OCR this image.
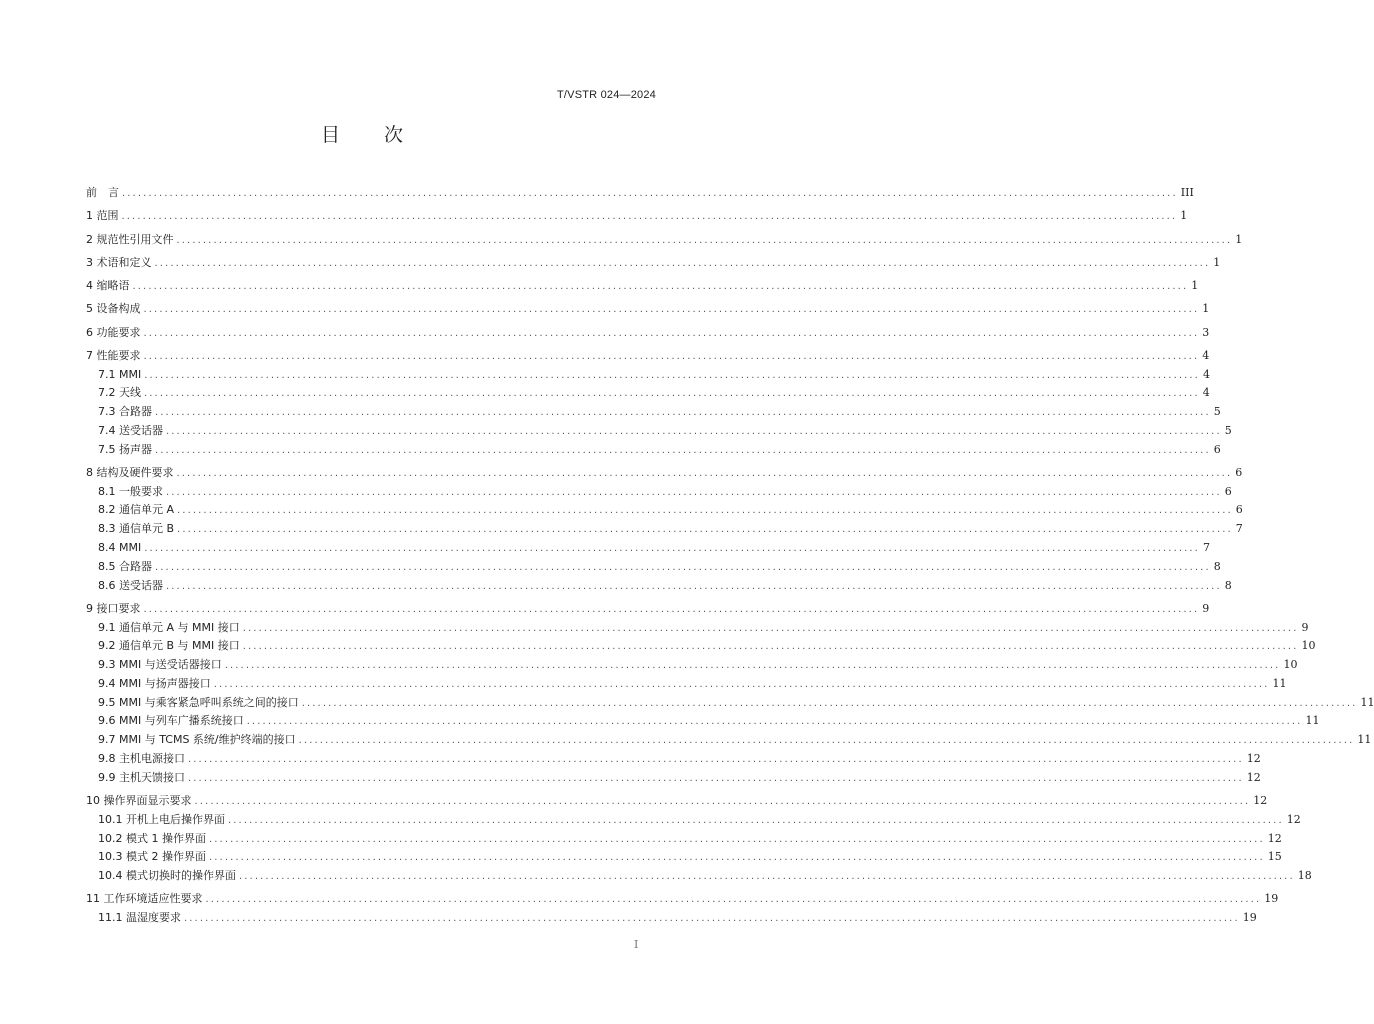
T/VSTR 024—2024
目 次
前　言 ........................................................................................................................................................................................................ III
1 范围 ........................................................................................................................................................................................................ 1
2 规范性引用文件 ........................................................................................................................................................................................................ 1
3 术语和定义 ........................................................................................................................................................................................................ 1
4 缩略语 ........................................................................................................................................................................................................ 1
5 设备构成 ........................................................................................................................................................................................................ 1
6 功能要求 ........................................................................................................................................................................................................ 3
7 性能要求 ........................................................................................................................................................................................................ 4
7.1 MMI ........................................................................................................................................................................................................ 4
7.2 天线 ........................................................................................................................................................................................................ 4
7.3 合路器 ........................................................................................................................................................................................................ 5
7.4 送受话器 ........................................................................................................................................................................................................ 5
7.5 扬声器 ........................................................................................................................................................................................................ 6
8 结构及硬件要求 ........................................................................................................................................................................................................ 6
8.1 一般要求 ........................................................................................................................................................................................................ 6
8.2 通信单元 A ........................................................................................................................................................................................................ 6
8.3 通信单元 B ........................................................................................................................................................................................................ 7
8.4 MMI ........................................................................................................................................................................................................ 7
8.5 合路器 ........................................................................................................................................................................................................ 8
8.6 送受话器 ........................................................................................................................................................................................................ 8
9 接口要求 ........................................................................................................................................................................................................ 9
9.1 通信单元 A 与 MMI 接口 ........................................................................................................................................................................................................ 9
9.2 通信单元 B 与 MMI 接口 ........................................................................................................................................................................................................ 10
9.3 MMI 与送受话器接口 ........................................................................................................................................................................................................ 10
9.4 MMI 与扬声器接口 ........................................................................................................................................................................................................ 11
9.5 MMI 与乘客紧急呼叫系统之间的接口 ........................................................................................................................................................................................................ 11
9.6 MMI 与列车广播系统接口 ........................................................................................................................................................................................................ 11
9.7 MMI 与 TCMS 系统/维护终端的接口 ........................................................................................................................................................................................................ 11
9.8 主机电源接口 ........................................................................................................................................................................................................ 12
9.9 主机天馈接口 ........................................................................................................................................................................................................ 12
10 操作界面显示要求 ........................................................................................................................................................................................................ 12
10.1 开机上电后操作界面 ........................................................................................................................................................................................................ 12
10.2 模式 1 操作界面 ........................................................................................................................................................................................................ 12
10.3 模式 2 操作界面 ........................................................................................................................................................................................................ 15
10.4 模式切换时的操作界面 ........................................................................................................................................................................................................ 18
11 工作环境适应性要求 ........................................................................................................................................................................................................ 19
11.1 温湿度要求 ........................................................................................................................................................................................................ 19
I
